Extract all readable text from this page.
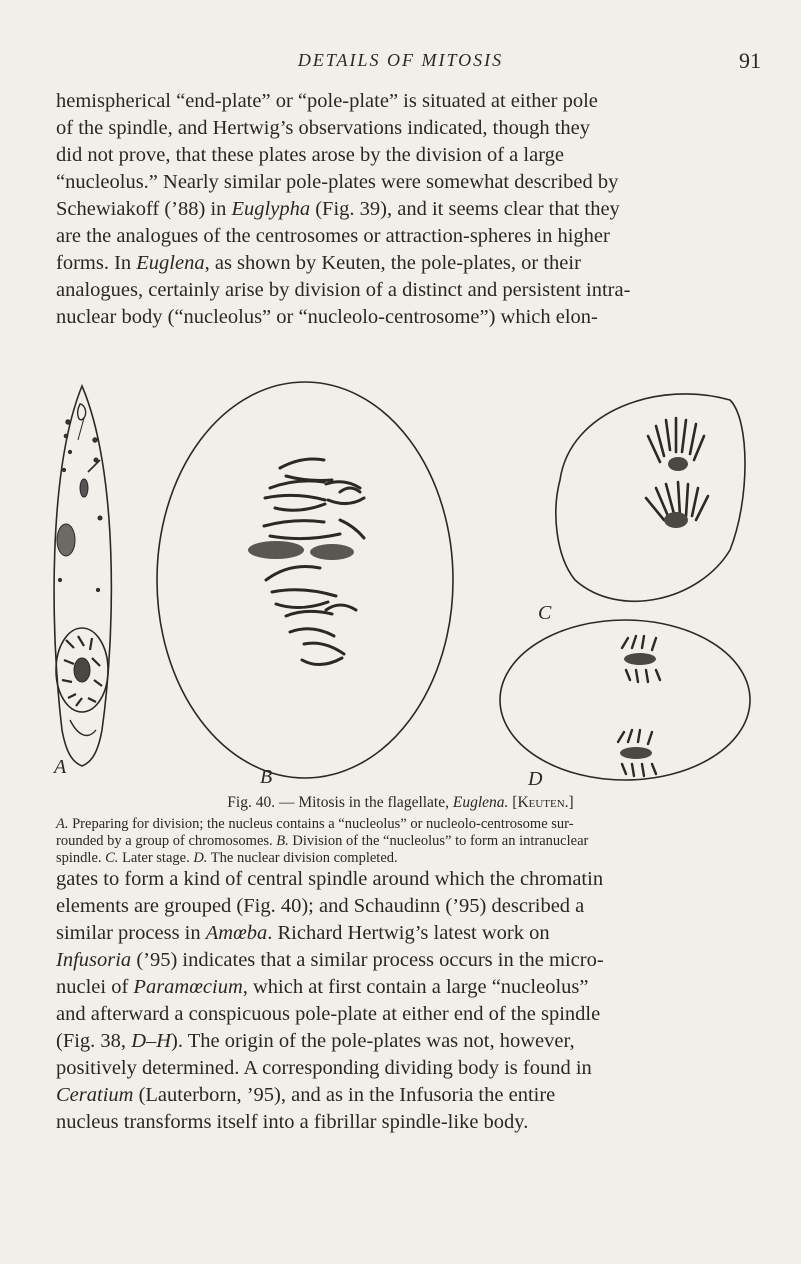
DETAILS OF MITOSIS	91

hemispherical “end-plate” or “pole-plate” is situated at either pole

of the spindle, and Hertwig’s observations indicated, though they

did not prove, that these plates arose by the division of a large

“nucleolus.” Nearly similar pole-plates were somewhat described by

Schewiakoff (’88) in Euglypha (Fig. 39), and it seems clear that they

are the analogues of the centrosomes or attraction-spheres in higher

forms. In Euglena, as shown by Keuten, the pole-plates, or their

analogues, certainly arise by division of a distinct and persistent intra-

nuclear body (“nucleolus” or “nucleolo-centrosome”) which elon-

A	B
C
D
Fig. 40. — Mitosis in the flagellate, Euglena. [Keuten.]
A. Preparing for division; the nucleus contains a “nucleolus” or nucleolo-centrosome sur-
rounded by a group of chromosomes. B. Division of the “nucleolus” to form an intranuclear
spindle. C. Later stage. D. The nuclear division completed.

gates to form a kind of central spindle around which the chromatin

elements are grouped (Fig. 40); and Schaudinn (’95) described a

similar process in Amœba. Richard Hertwig’s latest work on

Infusoria (’95) indicates that a similar process occurs in the micro-

nuclei of Paramœcium, which at first contain a large “nucleolus”

and afterward a conspicuous pole-plate at either end of the spindle

(Fig. 38, D–H). The origin of the pole-plates was not, however,

positively determined. A corresponding dividing body is found in

Ceratium (Lauterborn, ’95), and as in the Infusoria the entire

nucleus transforms itself into a fibrillar spindle-like body.
